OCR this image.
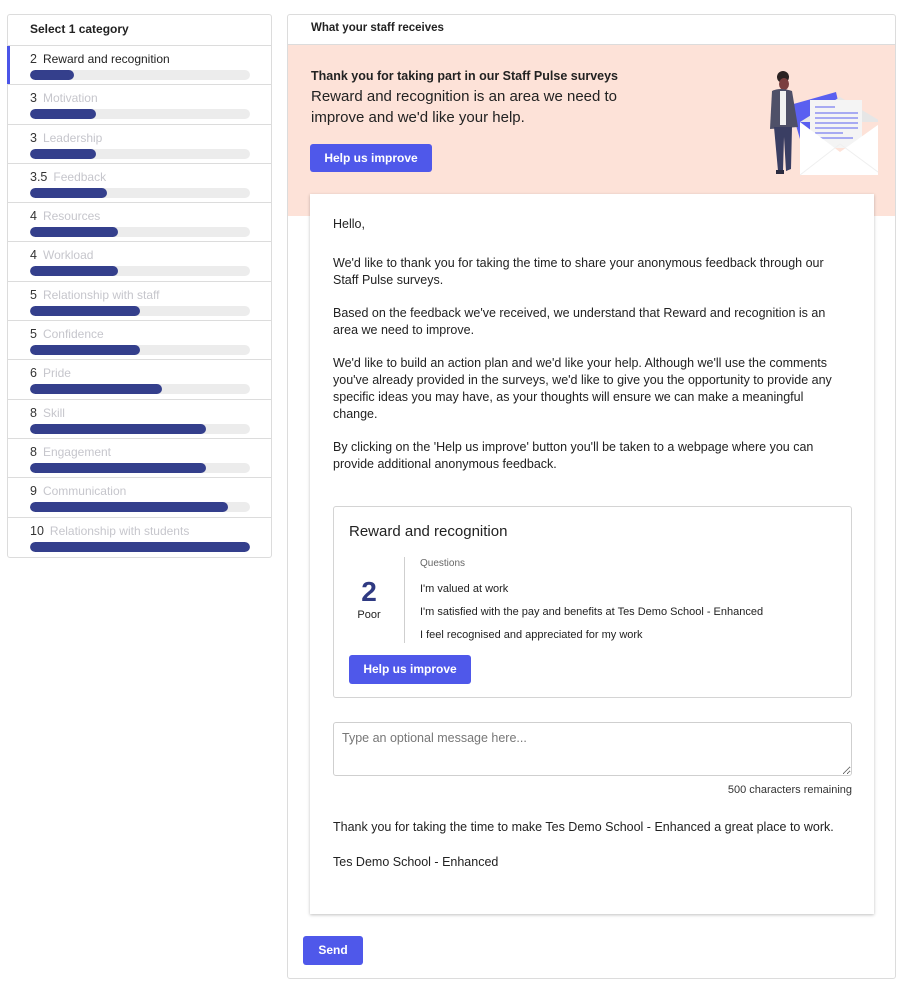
Select 1 category
2 Reward and recognition
3 Motivation
3 Leadership
3.5 Feedback
4 Resources
4 Workload
5 Relationship with staff
5 Confidence
6 Pride
8 Skill
8 Engagement
9 Communication
10 Relationship with students
What your staff receives
Thank you for taking part in our Staff Pulse surveys
Reward and recognition is an area we need to improve and we'd like your help.
Help us improve

Hello,

We'd like to thank you for taking the time to share your anonymous feedback through our Staff Pulse surveys.

Based on the feedback we've received, we understand that Reward and recognition is an area we need to improve.

We'd like to build an action plan and we'd like your help. Although we'll use the comments you've already provided in the surveys, we'd like to give you the opportunity to provide any specific ideas you may have, as your thoughts will ensure we can make a meaningful change.

By clicking on the 'Help us improve' button you'll be taken to a webpage where you can provide additional anonymous feedback.

Reward and recognition
2
Poor
Questions
I'm valued at work
I'm satisfied with the pay and benefits at Tes Demo School - Enhanced
I feel recognised and appreciated for my work
Help us improve
Type an optional message here...
500 characters remaining

Thank you for taking the time to make Tes Demo School - Enhanced a great place to work.

Tes Demo School - Enhanced

Send
